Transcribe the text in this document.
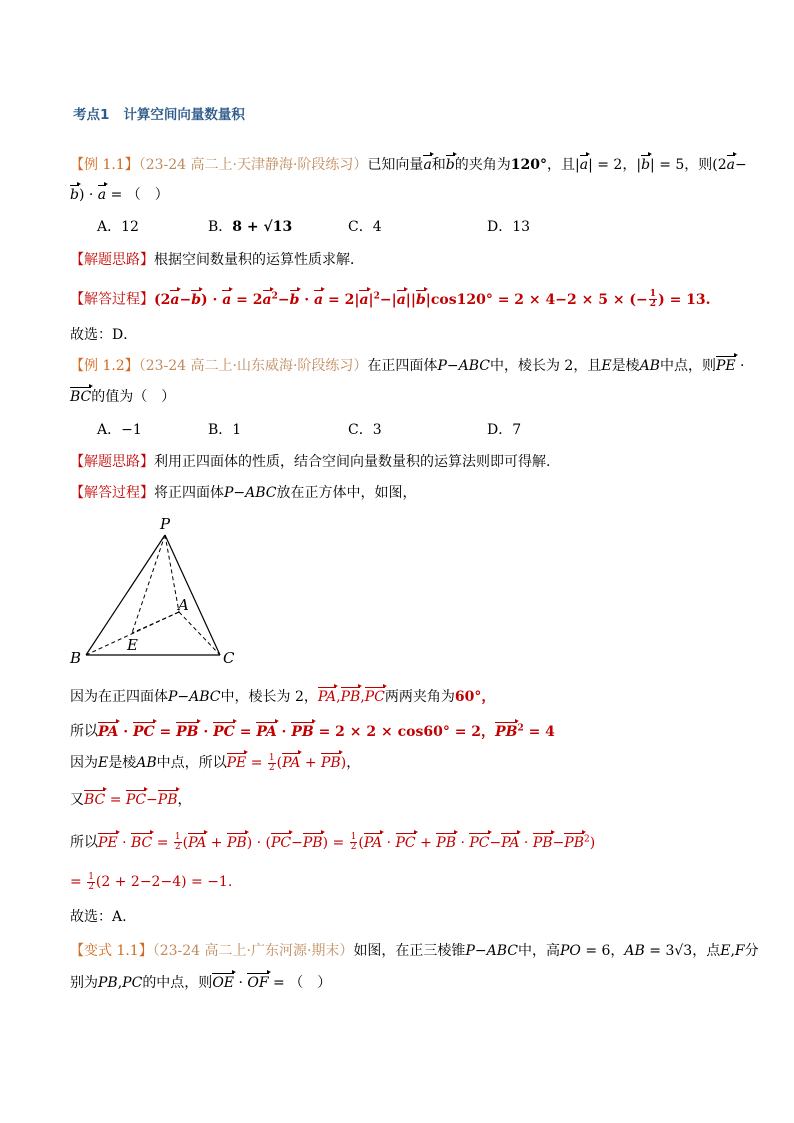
考点1 计算空间向量数量积
【例 1.1】（23-24 高二上·天津静海·阶段练习）已知向量a和b的夹角为120°，且|a| = 2，|b| = 5，则(2a−
b) · a = （　）
A．12	B．8 + √13	C．4	D．13
【解题思路】根据空间数量积的运算性质求解．
【解答过程】$(2a-b) \cdot a = 2a^2-b \cdot a = 2|a|^2-|a||b|\cos 120^\circ = 2 \times 4-2 \times 5$ × (− $\frac{1}{2}$ ) = 13.
故选：D．
【例 1.2】（23-24 高二上·山东威海·阶段练习）在正四面体P−ABC中，棱长为 2，且E是棱AB中点，则PE ·
BC的值为（　）
A．−1	B．1	C．3	D．7
【解题思路】利用正四面体的性质，结合空间向量数量积的运算法则即可得解.
【解答过程】将正四面体P−ABC放在正方体中，如图，
P
A
B	C
E
因为在正四面体P−ABC中，棱长为 2，PA,PB,PC两两夹角为60°，
所以PA · PC = PB · PC = PA · PB = 2 × 2 × cos60° = 2，$PB^2 = 4$
因为E是棱AB中点，所以PE = $\frac{1}{2} (PA + PB)$，
又BC = PC−PB，
所以PE · BC = $\frac{1}{2} (PA + PB) \cdot (PC-PB) = \frac{1}{2} (PA$ · PC + PB · $PC-PA \cdot PB-PB^2$)
= $\frac{1}{2} (2 + 2-2-4) = -1$.
故选：A.
【变式 1.1】（23-24 高二上·广东河源·期末）如图，在正三棱锥P−ABC中，高PO = 6，AB = 3√3，点E,F分
别为PB,PC的中点，则OE · OF = （　）
